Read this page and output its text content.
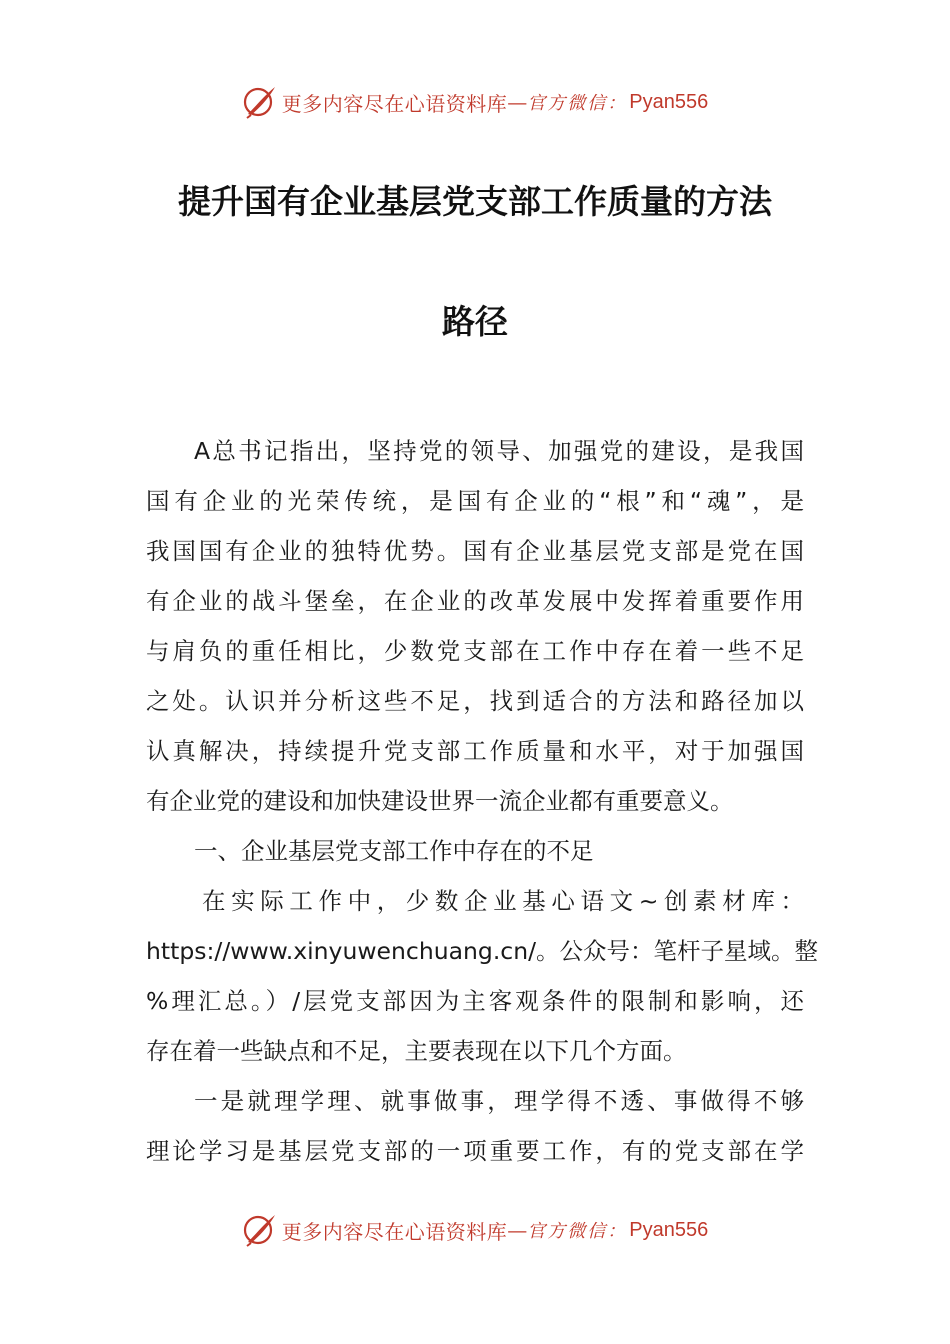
更多内容尽在心语资料库 — 官方微信： Pyan556
提升国有企业基层党支部工作质量的方法
路径
A总书记指出，坚持党的领导、加强党的建设，是我国
国有企业的光荣传统，是国有企业的“根”和“魂”，是
我国国有企业的独特优势。国有企业基层党支部是党在国
有企业的战斗堡垒，在企业的改革发展中发挥着重要作用
与肩负的重任相比，少数党支部在工作中存在着一些不足
之处。认识并分析这些不足，找到适合的方法和路径加以
认真解决，持续提升党支部工作质量和水平，对于加强国
有企业党的建设和加快建设世界一流企业都有重要意义。
一、企业基层党支部工作中存在的不足
在实际工作中，少数企业基心语文~创素材库：
https://www.xinyuwenchuang.cn/。公众号：笔杆子星域。整
%理汇总。）/层党支部因为主客观条件的限制和影响，还
存在着一些缺点和不足，主要表现在以下几个方面。
一是就理学理、就事做事，理学得不透、事做得不够
理论学习是基层党支部的一项重要工作，有的党支部在学
更多内容尽在心语资料库 — 官方微信： Pyan556
